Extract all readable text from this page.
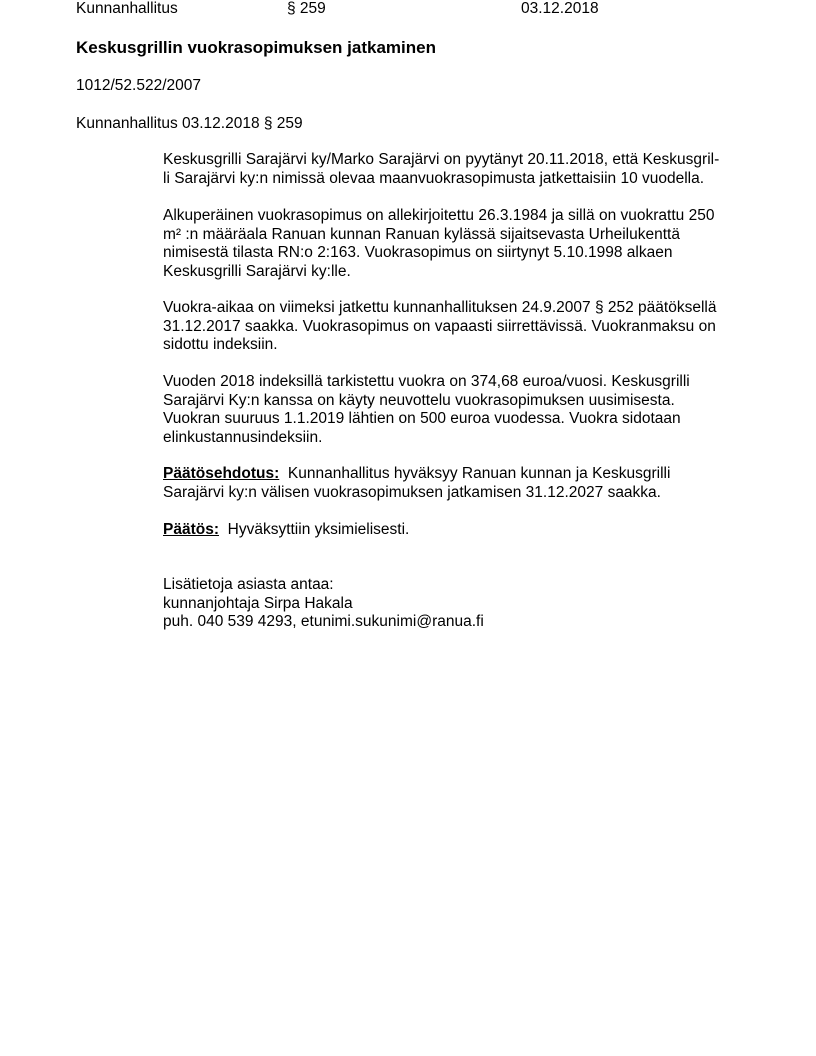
Kunnanhallitus	§ 259	03.12.2018
Keskusgrillin vuokrasopimuksen jatkaminen
1012/52.522/2007
Kunnanhallitus 03.12.2018 § 259
Keskusgrilli Sarajärvi ky/Marko Sarajärvi on pyytänyt 20.11.2018, että Keskusgril-
li Sarajärvi ky:n nimissä olevaa maanvuokrasopimusta jatkettaisiin 10 vuodella.
Alkuperäinen vuokrasopimus on allekirjoitettu 26.3.1984 ja sillä on vuokrattu 250
m² :n määräala Ranuan kunnan Ranuan kylässä sijaitsevasta Urheilukenttä
nimisestä tilasta RN:o 2:163. Vuokrasopimus on siirtynyt 5.10.1998 alkaen
Keskusgrilli Sarajärvi ky:lle.
Vuokra-aikaa on viimeksi jatkettu kunnanhallituksen 24.9.2007 § 252 päätöksellä
31.12.2017 saakka. Vuokrasopimus on vapaasti siirrettävissä. Vuokranmaksu on
sidottu indeksiin.
Vuoden 2018 indeksillä tarkistettu vuokra on 374,68 euroa/vuosi. Keskusgrilli
Sarajärvi Ky:n kanssa on käyty neuvottelu vuokrasopimuksen uusimisesta.
Vuokran suuruus 1.1.2019 lähtien on 500 euroa vuodessa. Vuokra sidotaan
elinkustannusindeksiin.
Päätösehdotus: Kunnanhallitus hyväksyy Ranuan kunnan ja Keskusgrilli
Sarajärvi ky:n välisen vuokrasopimuksen jatkamisen 31.12.2027 saakka.
Päätös: Hyväksyttiin yksimielisesti.
Lisätietoja asiasta antaa:
kunnanjohtaja Sirpa Hakala
puh. 040 539 4293, etunimi.sukunimi@ranua.fi
